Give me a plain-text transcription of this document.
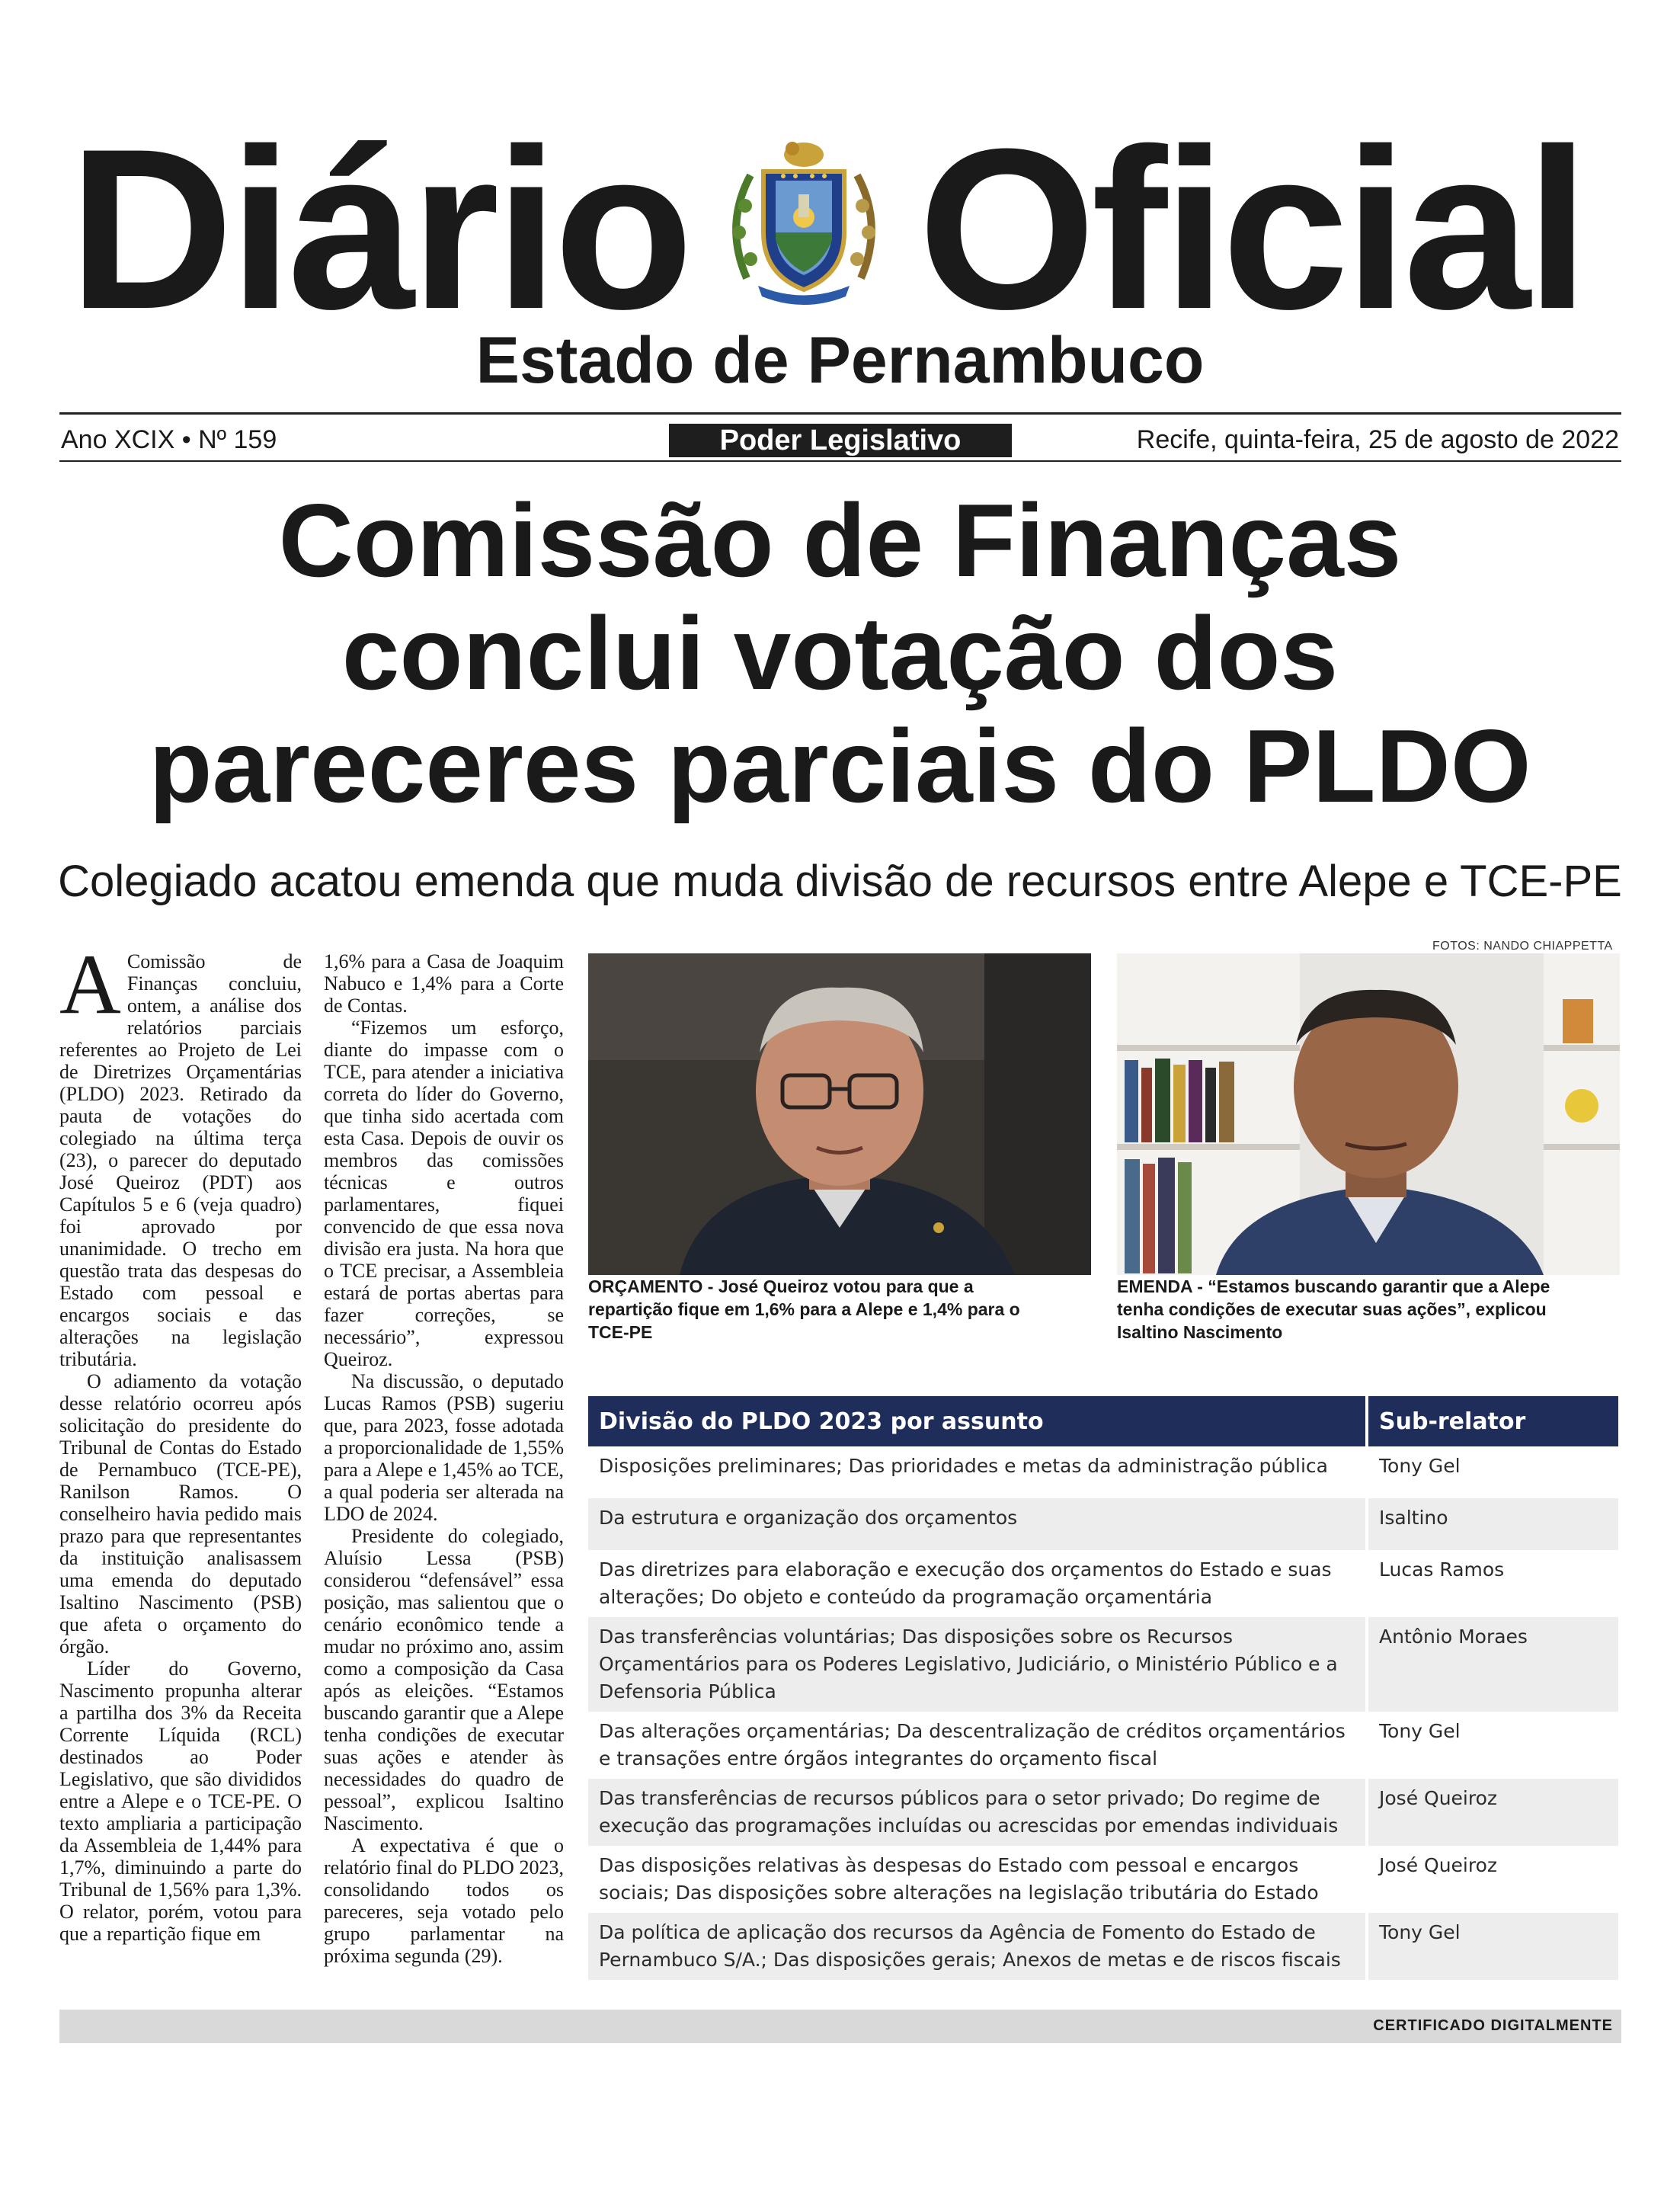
Diário Oficial
Estado de Pernambuco
Ano XCIX • Nº 159	Poder Legislativo	Recife, quinta-feira, 25 de agosto de 2022
Comissão de Finanças
conclui votação dos
pareceres parciais do PLDO
Colegiado acatou emenda que muda divisão de recursos entre Alepe e TCE-PE

A Comissão de Finanças concluiu, ontem, a análise dos relatórios parciais referentes ao Projeto de Lei de Diretrizes Orçamentárias (PLDO) 2023. Retirado da pauta de votações do colegiado na última terça (23), o parecer do deputado José Queiroz (PDT) aos Capítulos 5 e 6 (veja quadro) foi aprovado por unanimidade. O trecho em questão trata das despesas do Estado com pessoal e encargos sociais e das alterações na legislação tributária.

O adiamento da votação desse relatório ocorreu após solicitação do presidente do Tribunal de Contas do Estado de Pernambuco (TCE-PE), Ranilson Ramos. O conselheiro havia pedido mais prazo para que representantes da instituição analisassem uma emenda do deputado Isaltino Nascimento (PSB) que afeta o orçamento do órgão.

Líder do Governo, Nascimento propunha alterar a partilha dos 3% da Receita Corrente Líquida (RCL) destinados ao Poder Legislativo, que são divididos entre a Alepe e o TCE-PE. O texto ampliaria a participação da Assembleia de 1,44% para 1,7%, diminuindo a parte do Tribunal de 1,56% para 1,3%. O relator, porém, votou para que a repartição fique em

1,6% para a Casa de Joaquim Nabuco e 1,4% para a Corte de Contas.

“Fizemos um esforço, diante do impasse com o TCE, para atender a iniciativa correta do líder do Governo, que tinha sido acertada com esta Casa. Depois de ouvir os membros das comissões técnicas e outros parlamentares, fiquei convencido de que essa nova divisão era justa. Na hora que o TCE precisar, a Assembleia estará de portas abertas para fazer correções, se necessário”, expressou Queiroz.

Na discussão, o deputado Lucas Ramos (PSB) sugeriu que, para 2023, fosse adotada a proporcionalidade de 1,55% para a Alepe e 1,45% ao TCE, a qual poderia ser alterada na LDO de 2024.

Presidente do colegiado, Aluísio Lessa (PSB) considerou “defensável” essa posição, mas salientou que o cenário econômico tende a mudar no próximo ano, assim como a composição da Casa após as eleições. “Estamos buscando garantir que a Alepe tenha condições de executar suas ações e atender às necessidades do quadro de pessoal”, explicou Isaltino Nascimento.

A expectativa é que o relatório final do PLDO 2023, consolidando todos os pareceres, seja votado pelo grupo parlamentar na próxima segunda (29).

FOTOS: NANDO CHIAPPETTA
ORÇAMENTO - José Queiroz votou para que a repartição fique em 1,6% para a Alepe e 1,4% para o TCE-PE
EMENDA - “Estamos buscando garantir que a Alepe tenha condições de executar suas ações”, explicou Isaltino Nascimento
Divisão do PLDO 2023 por assunto	Sub-relator
Disposições preliminares; Das prioridades e metas da administração pública	Tony Gel
Da estrutura e organização dos orçamentos	Isaltino
Das diretrizes para elaboração e execução dos orçamentos do Estado e suas alterações; Do objeto e conteúdo da programação orçamentária	Lucas Ramos
Das transferências voluntárias; Das disposições sobre os Recursos Orçamentários para os Poderes Legislativo, Judiciário, o Ministério Público e a Defensoria Pública	Antônio Moraes
Das alterações orçamentárias; Da descentralização de créditos orçamentários e transações entre órgãos integrantes do orçamento fiscal	Tony Gel
Das transferências de recursos públicos para o setor privado; Do regime de execução das programações incluídas ou acrescidas por emendas individuais	José Queiroz
Das disposições relativas às despesas do Estado com pessoal e encargos sociais; Das disposições sobre alterações na legislação tributária do Estado	José Queiroz
Da política de aplicação dos recursos da Agência de Fomento do Estado de Pernambuco S/A.; Das disposições gerais; Anexos de metas e de riscos fiscais	Tony Gel
CERTIFICADO DIGITALMENTE
